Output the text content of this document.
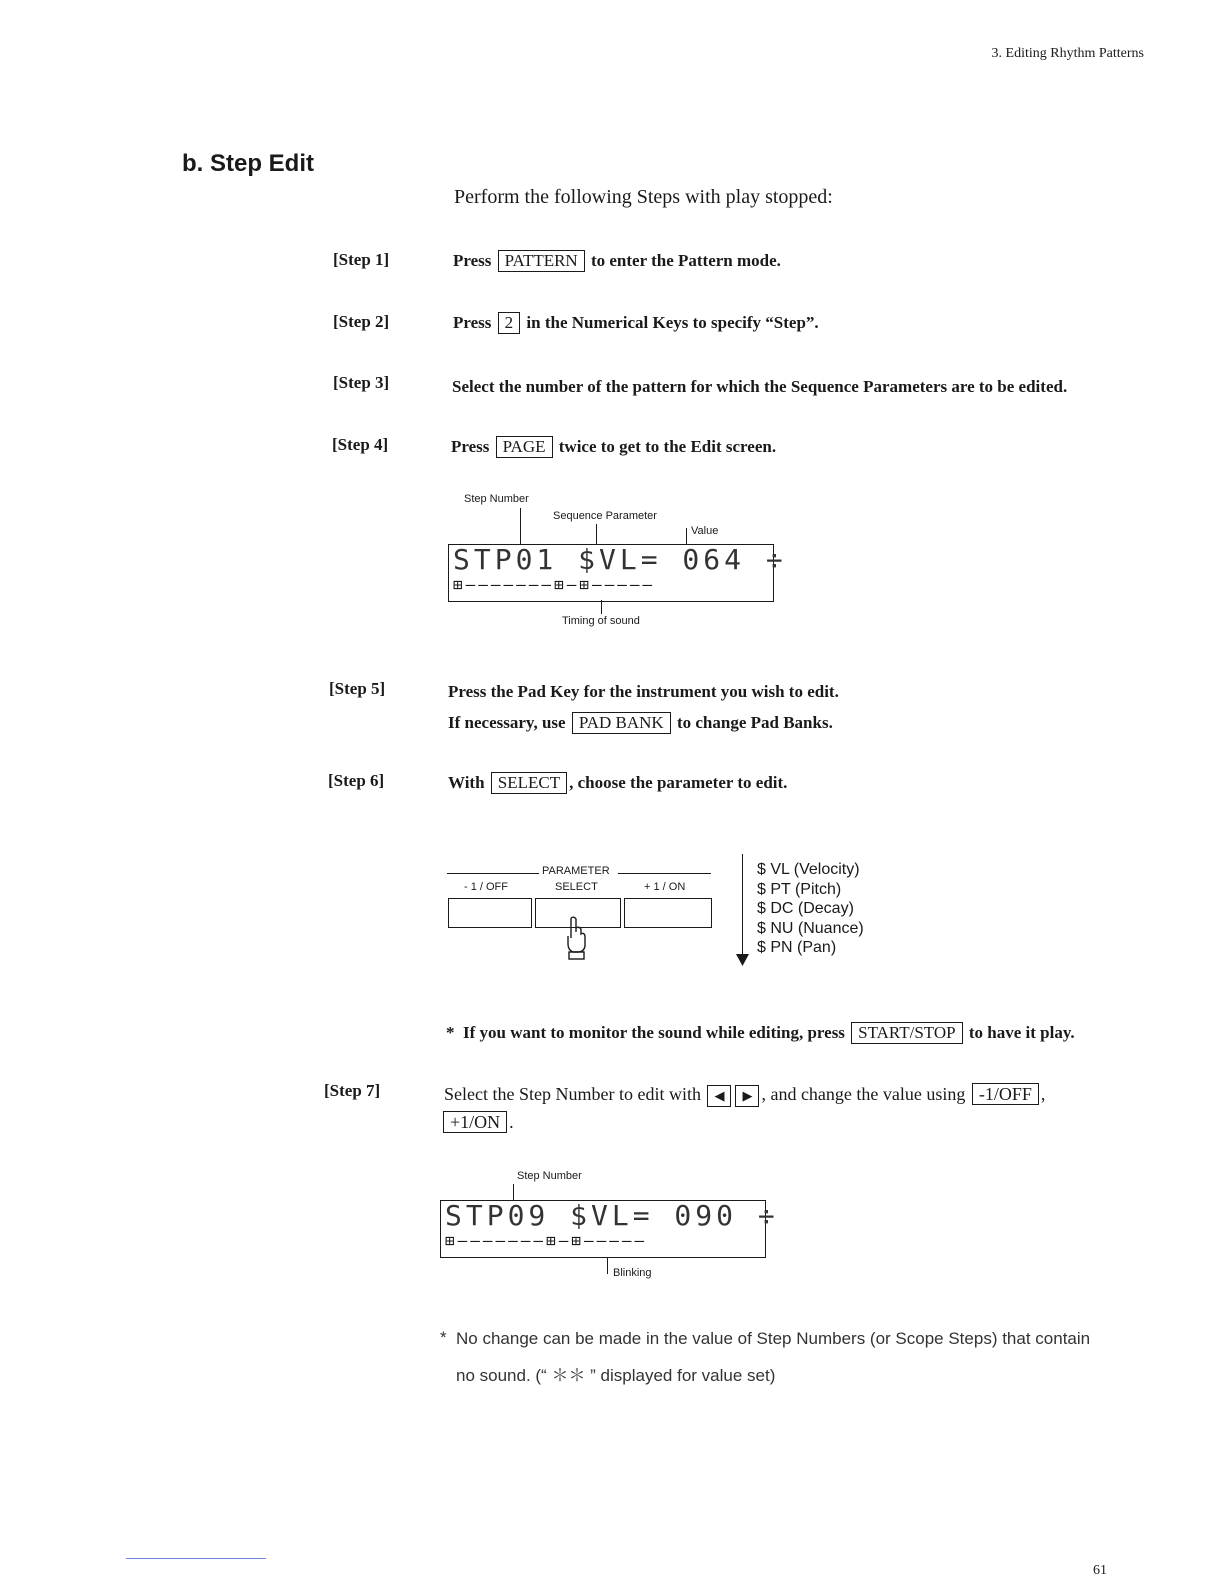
3. Editing Rhythm Patterns
b. Step Edit
Perform the following Steps with play stopped:
[Step 1]	Press PATTERN to enter the Pattern mode.
[Step 2]	Press 2 in the Numerical Keys to specify “Step”.
[Step 3]	Select the number of the pattern for which the Sequence Parameters are to be edited.
[Step 4]	Press PAGE twice to get to the Edit screen.
Step Number
Sequence Parameter
Value
STP01 $VL= 064 ÷
⊞———————⊞—⊞—————
Timing of sound
[Step 5]	Press the Pad Key for the instrument you wish to edit.
If necessary, use PAD BANK to change Pad Banks.
[Step 6]	With SELECT , choose the parameter to edit.
PARAMETER
- 1 / OFF	SELECT	+ 1 / ON
$ VL (Velocity)
$ PT (Pitch)
$ DC (Decay)
$ NU (Nuance)
$ PN (Pan)
* If you want to monitor the sound while editing, press START/STOP to have it play.
[Step 7]	Select the Step Number to edit with ◀ ▶ , and change the value using -1/OFF ,
+1/ON .
Step Number
STP09 $VL= 090 ÷
⊞———————⊞—⊞—————
Blinking
* No change can be made in the value of Step Numbers (or Scope Steps) that contain
no sound. (“ ＊＊ ” displayed for value set)
61
